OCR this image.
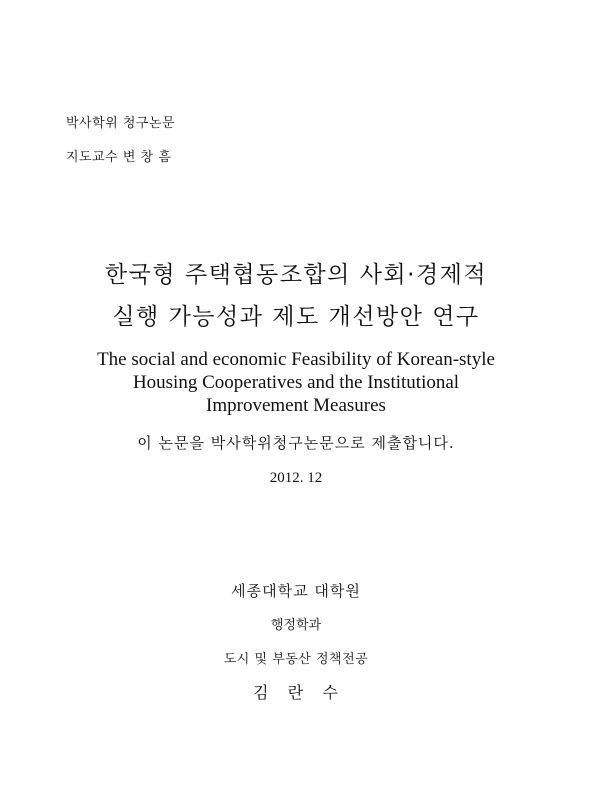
박사학위 청구논문
지도교수 변 창 흠
한국형 주택협동조합의 사회·경제적
실행 가능성과 제도 개선방안 연구
The social and economic Feasibility of Korean-style
Housing Cooperatives and the Institutional
Improvement Measures
이 논문을 박사학위청구논문으로 제출합니다.
2012. 12
세종대학교 대학원
행정학과
도시 및 부동산 정책전공
김   란   수
